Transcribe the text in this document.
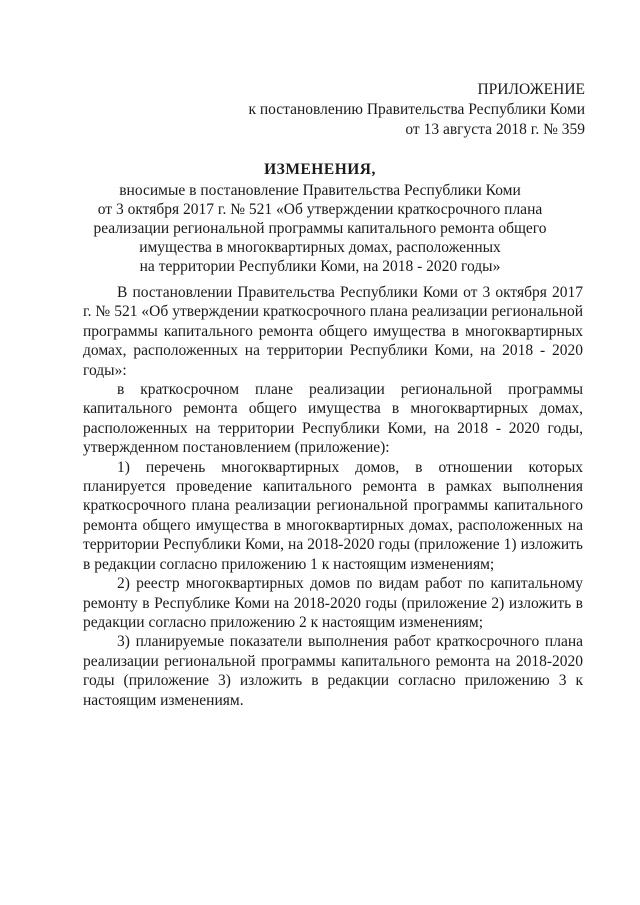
ПРИЛОЖЕНИЕ
к постановлению Правительства Республики Коми
от 13 августа 2018 г. № 359
ИЗМЕНЕНИЯ,
вносимые в постановление Правительства Республики Коми
от 3 октября 2017 г. № 521 «Об утверждении краткосрочного плана
реализации региональной программы капитального ремонта общего
имущества в многоквартирных домах, расположенных
на территории Республики Коми, на 2018 - 2020 годы»

В постановлении Правительства Республики Коми от 3 октября 2017 г. № 521 «Об утверждении краткосрочного плана реализации региональной программы капитального ремонта общего имущества в многоквартирных домах, расположенных на территории Республики Коми, на 2018 - 2020 годы»:

в краткосрочном плане реализации региональной программы капитального ремонта общего имущества в многоквартирных домах, расположенных на территории Республики Коми, на 2018 - 2020 годы, утвержденном постановлением (приложение):

1) перечень многоквартирных домов, в отношении которых планируется проведение капитального ремонта в рамках выполнения краткосрочного плана реализации региональной программы капитального ремонта общего имущества в многоквартирных домах, расположенных на территории Республики Коми, на 2018-2020 годы (приложение 1) изложить в редакции согласно приложению 1 к настоящим изменениям;

2) реестр многоквартирных домов по видам работ по капитальному ремонту в Республике Коми на 2018-2020 годы (приложение 2) изложить в редакции согласно приложению 2 к настоящим изменениям;

3) планируемые показатели выполнения работ краткосрочного плана реализации региональной программы капитального ремонта на 2018-2020 годы (приложение 3) изложить в редакции согласно приложению 3 к настоящим изменениям.
